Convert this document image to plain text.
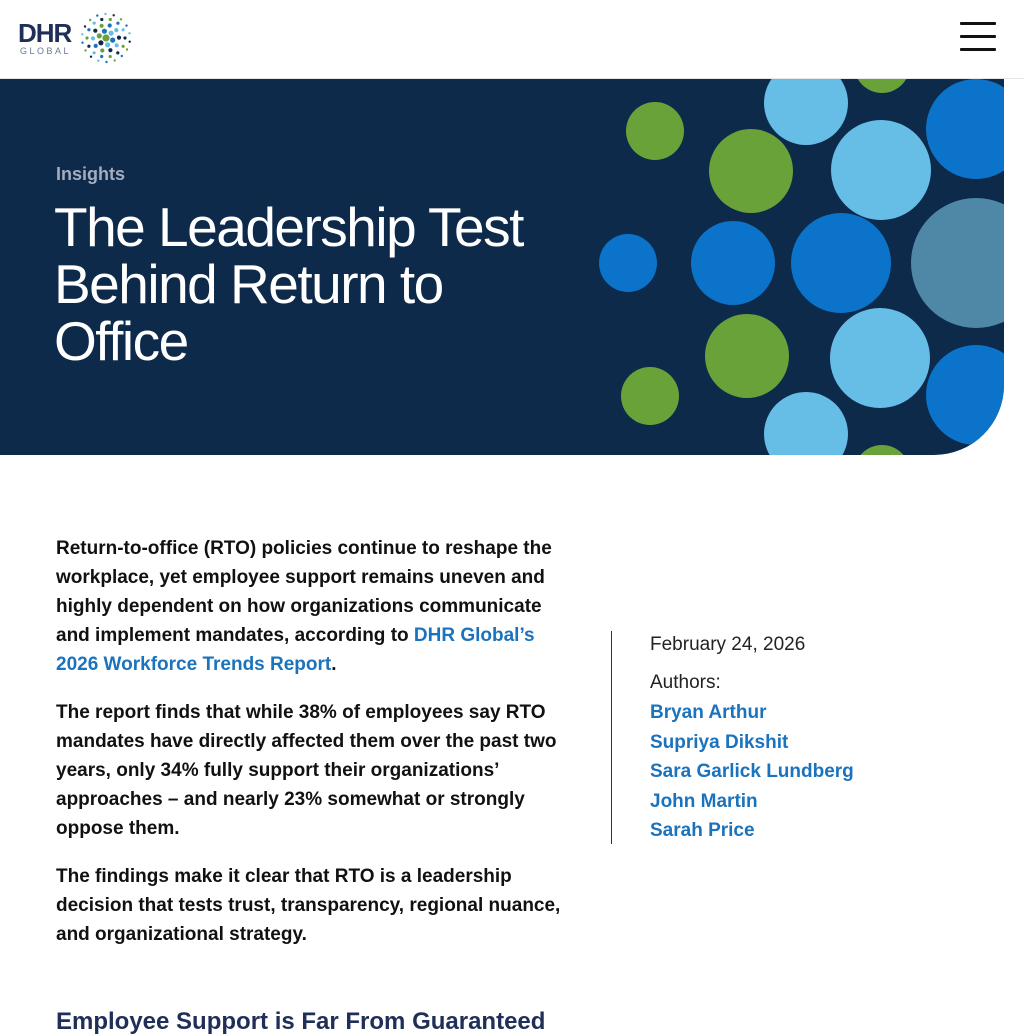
DHR
GLOBAL
Insights
The Leadership Test Behind Return to Office

Return-to-office (RTO) policies continue to reshape the workplace, yet employee support remains uneven and highly dependent on how organizations communicate and implement mandates, according to DHR Global’s 2026 Workforce Trends Report.

The report finds that while 38% of employees say RTO mandates have directly affected them over the past two years, only 34% fully support their organizations’ approaches – and nearly 23% somewhat or strongly oppose them.

The findings make it clear that RTO is a leadership decision that tests trust, transparency, regional nuance, and organizational strategy.

Employee Support is Far From Guaranteed
February 24, 2026
Authors:
Bryan Arthur
Supriya Dikshit
Sara Garlick Lundberg
John Martin
Sarah Price
